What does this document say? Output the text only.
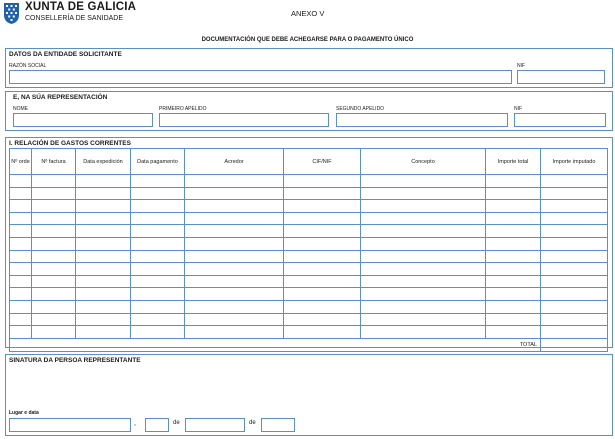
XUNTA DE GALICIA
CONSELLERÍA DE SANIDADE
ANEXO V
DOCUMENTACIÓN QUE DEBE ACHEGARSE PARA O PAGAMENTO ÚNICO
DATOS DA ENTIDADE SOLICITANTE
RAZÓN SOCIAL	NIF
E, NA SÚA REPRESENTACIÓN
NOME	PRIMEIRO APELIDO	SEGUNDO APELIDO	NIF
I. RELACIÓN DE GASTOS CORRENTES
Nº orde	Nº factura	Data expedición	Data pagamento	Acredor	CIF/NIF	Concepto	Importe total	Importe imputado

TOTAL								
SINATURA DA PERSOA REPRESENTANTE
Lugar e data
,	de	de
